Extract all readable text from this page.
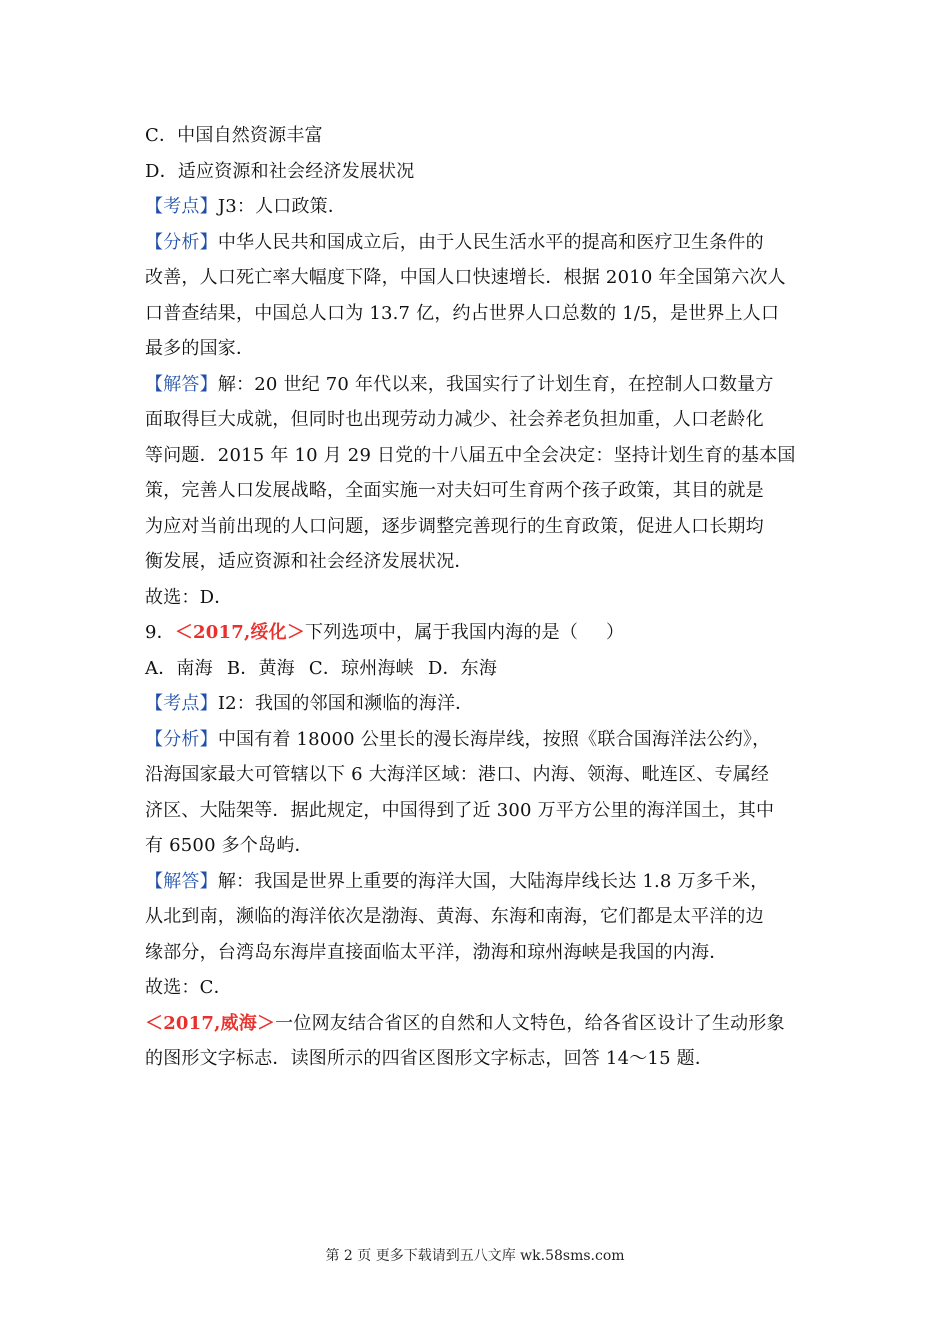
C．中国自然资源丰富
D．适应资源和社会经济发展状况
【考点】J3：人口政策．
【分析】中华人民共和国成立后，由于人民生活水平的提高和医疗卫生条件的
改善，人口死亡率大幅度下降，中国人口快速增长．根据 2010 年全国第六次人
口普查结果，中国总人口为 13.7 亿，约占世界人口总数的 1/5，是世界上人口
最多的国家．
【解答】解：20 世纪 70 年代以来，我国实行了计划生育，在控制人口数量方
面取得巨大成就，但同时也出现劳动力减少、社会养老负担加重，人口老龄化
等问题．2015 年 10 月 29 日党的十八届五中全会决定：坚持计划生育的基本国
策，完善人口发展战略，全面实施一对夫妇可生育两个孩子政策，其目的就是
为应对当前出现的人口问题，逐步调整完善现行的生育政策，促进人口长期均
衡发展，适应资源和社会经济发展状况．
故选：D．
9．＜2017,绥化＞下列选项中，属于我国内海的是（ ）
A．南海 B．黄海 C．琼州海峡 D．东海
【考点】I2：我国的邻国和濒临的海洋．
【分析】中国有着 18000 公里长的漫长海岸线，按照《联合国海洋法公约》，
沿海国家最大可管辖以下 6 大海洋区域：港口、内海、领海、毗连区、专属经
济区、大陆架等．据此规定，中国得到了近 300 万平方公里的海洋国土，其中
有 6500 多个岛屿．
【解答】解：我国是世界上重要的海洋大国，大陆海岸线长达 1.8 万多千米，
从北到南，濒临的海洋依次是渤海、黄海、东海和南海，它们都是太平洋的边
缘部分，台湾岛东海岸直接面临太平洋，渤海和琼州海峡是我国的内海．
故选：C．
＜2017,威海＞一位网友结合省区的自然和人文特色，给各省区设计了生动形象
的图形文字标志．读图所示的四省区图形文字标志，回答 14～15 题．
第 2 页 更多下载请到五八文库 wk.58sms.com
